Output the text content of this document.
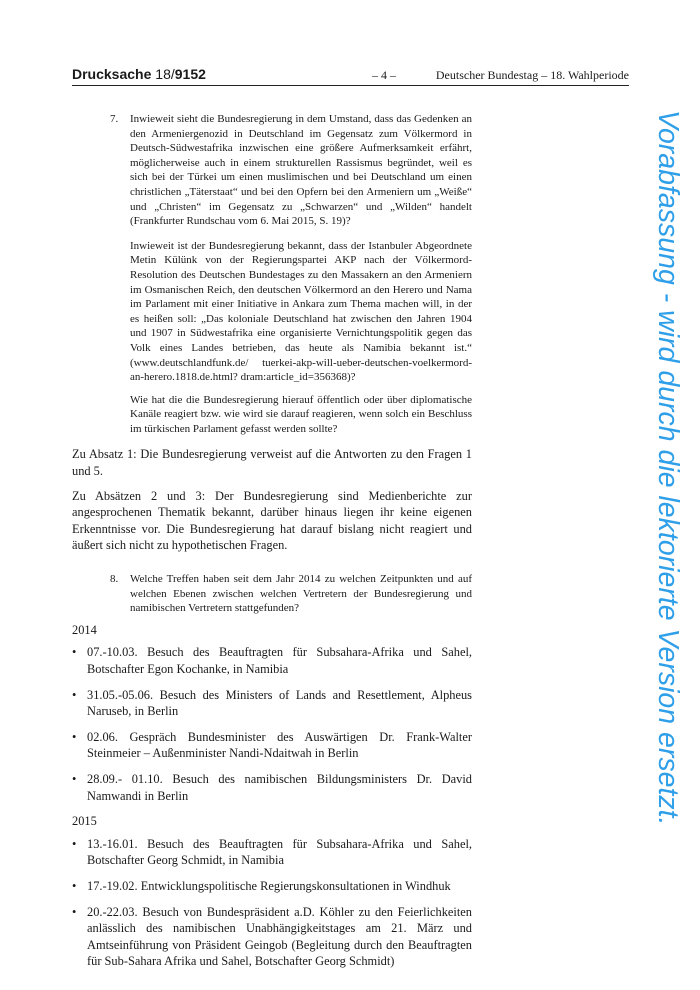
Drucksache 18/9152	– 4 –	Deutscher Bundestag – 18. Wahlperiode
7. Inwieweit sieht die Bundesregierung in dem Umstand, dass das Gedenken an den Armeniergenozid in Deutschland im Gegensatz zum Völkermord in Deutsch-Südwestafrika inzwischen eine größere Aufmerksamkeit erfährt, möglicherweise auch in einem strukturellen Rassismus begründet, weil es sich bei der Türkei um einen muslimischen und bei Deutschland um einen christlichen „Täterstaat“ und bei den Opfern bei den Armeniern um „Weiße“ und „Christen“ im Gegensatz zu „Schwarzen“ und „Wilden“ handelt (Frankfurter Rundschau vom 6. Mai 2015, S. 19)?
Inwieweit ist der Bundesregierung bekannt, dass der Istanbuler Abgeordnete Metin Külünk von der Regierungspartei AKP nach der Völkermord-Resolution des Deutschen Bundestages zu den Massakern an den Armeniern im Osmanischen Reich, den deutschen Völkermord an den Herero und Nama im Parlament mit einer Initiative in Ankara zum Thema machen will, in der es heißen soll: „Das koloniale Deutschland hat zwischen den Jahren 1904 und 1907 in Südwestafrika eine organisierte Vernichtungspolitik gegen das Volk eines Landes betrieben, das heute als Namibia bekannt ist.“ (www.deutschlandfunk.de/ tuerkei-akp-will-ueber-deutschen-voelkermord-an-herero.1818.de.html? dram:article_id=356368)?
Wie hat die die Bundesregierung hierauf öffentlich oder über diplomatische Kanäle reagiert bzw. wie wird sie darauf reagieren, wenn solch ein Beschluss im türkischen Parlament gefasst werden sollte?
Zu Absatz 1: Die Bundesregierung verweist auf die Antworten zu den Fragen 1 und 5.
Zu Absätzen 2 und 3: Der Bundesregierung sind Medienberichte zur angesprochenen Thematik bekannt, darüber hinaus liegen ihr keine eigenen Erkenntnisse vor. Die Bundesregierung hat darauf bislang nicht reagiert und äußert sich nicht zu hypothetischen Fragen.
8. Welche Treffen haben seit dem Jahr 2014 zu welchen Zeitpunkten und auf welchen Ebenen zwischen welchen Vertretern der Bundesregierung und namibischen Vertretern stattgefunden?
2014
• 07.-10.03. Besuch des Beauftragten für Subsahara-Afrika und Sahel, Botschafter Egon Kochanke, in Namibia
• 31.05.-05.06. Besuch des Ministers of Lands and Resettlement, Alpheus Naruseb, in Berlin
• 02.06. Gespräch Bundesminister des Auswärtigen Dr. Frank-Walter Steinmeier – Außenminister Nandi-Ndaitwah in Berlin
• 28.09.- 01.10. Besuch des namibischen Bildungsministers Dr. David Namwandi in Berlin
2015
• 13.-16.01. Besuch des Beauftragten für Subsahara-Afrika und Sahel, Botschafter Georg Schmidt, in Namibia
• 17.-19.02. Entwicklungspolitische Regierungskonsultationen in Windhuk
• 20.-22.03. Besuch von Bundespräsident a.D. Köhler zu den Feierlichkeiten anlässlich des namibischen Unabhängigkeitstages am 21. März und Amtseinführung von Präsident Geingob (Begleitung durch den Beauftragten für Sub-Sahara Afrika und Sahel, Botschafter Georg Schmidt)
Vorabfassung - wird durch die lektorierte Version ersetzt.
